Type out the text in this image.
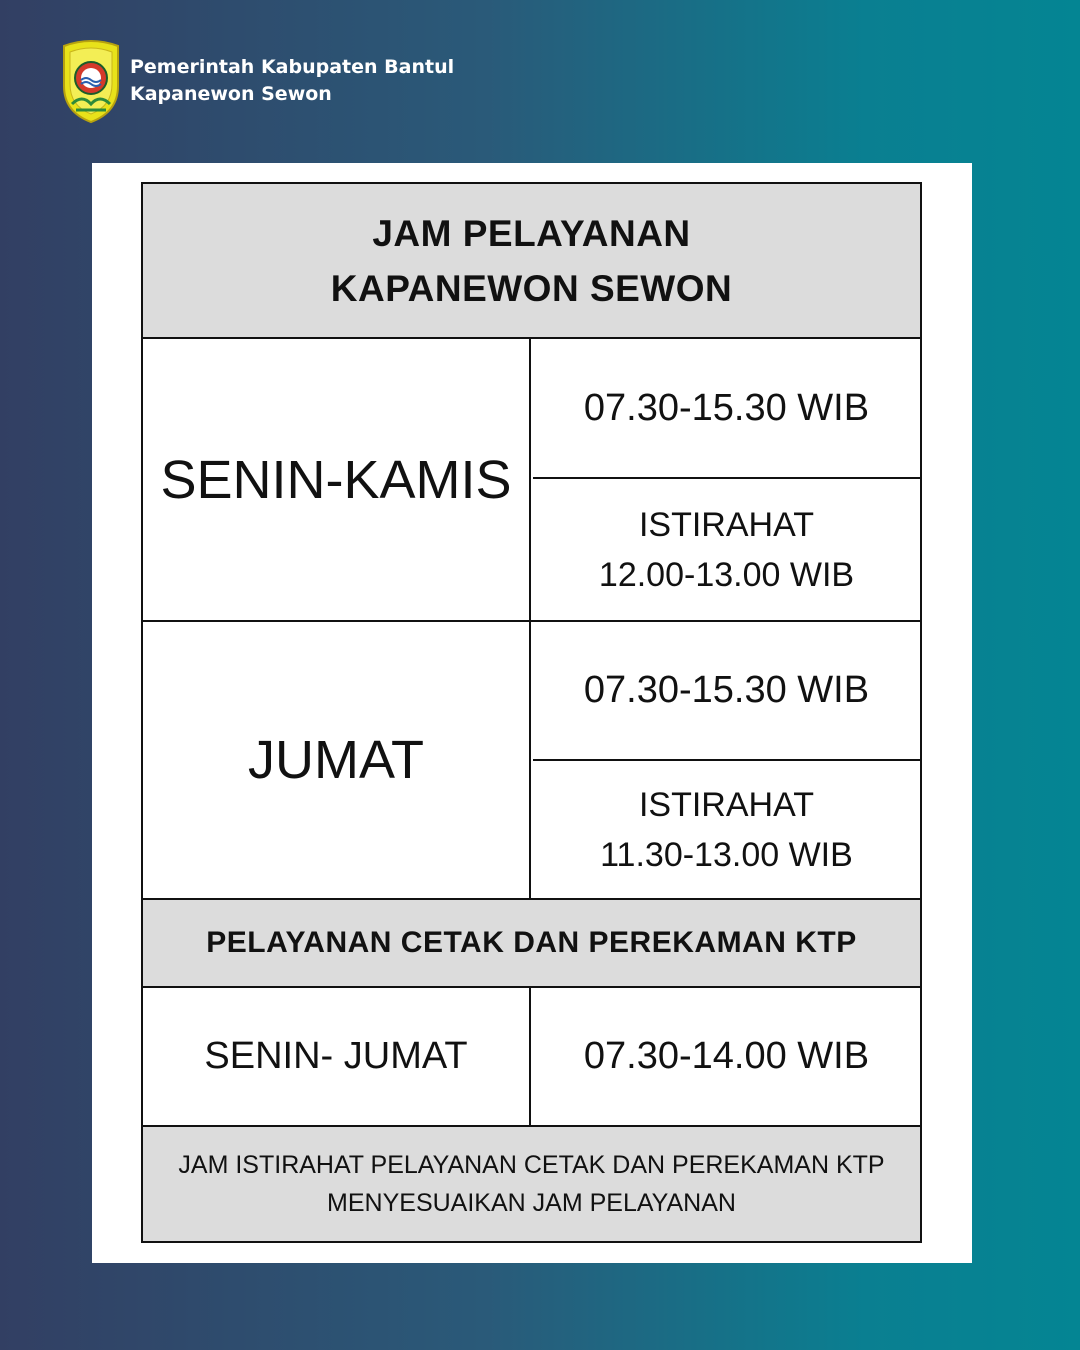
Pemerintah Kabupaten Bantul
Kapanewon Sewon
JAM PELAYANAN
KAPANEWON SEWON
SENIN-KAMIS
07.30-15.30 WIB
ISTIRAHAT
12.00-13.00 WIB
JUMAT
07.30-15.30 WIB
ISTIRAHAT
11.30-13.00 WIB
PELAYANAN CETAK DAN PEREKAMAN KTP
SENIN- JUMAT	07.30-14.00 WIB
JAM ISTIRAHAT PELAYANAN CETAK DAN PEREKAMAN KTP
MENYESUAIKAN JAM PELAYANAN
